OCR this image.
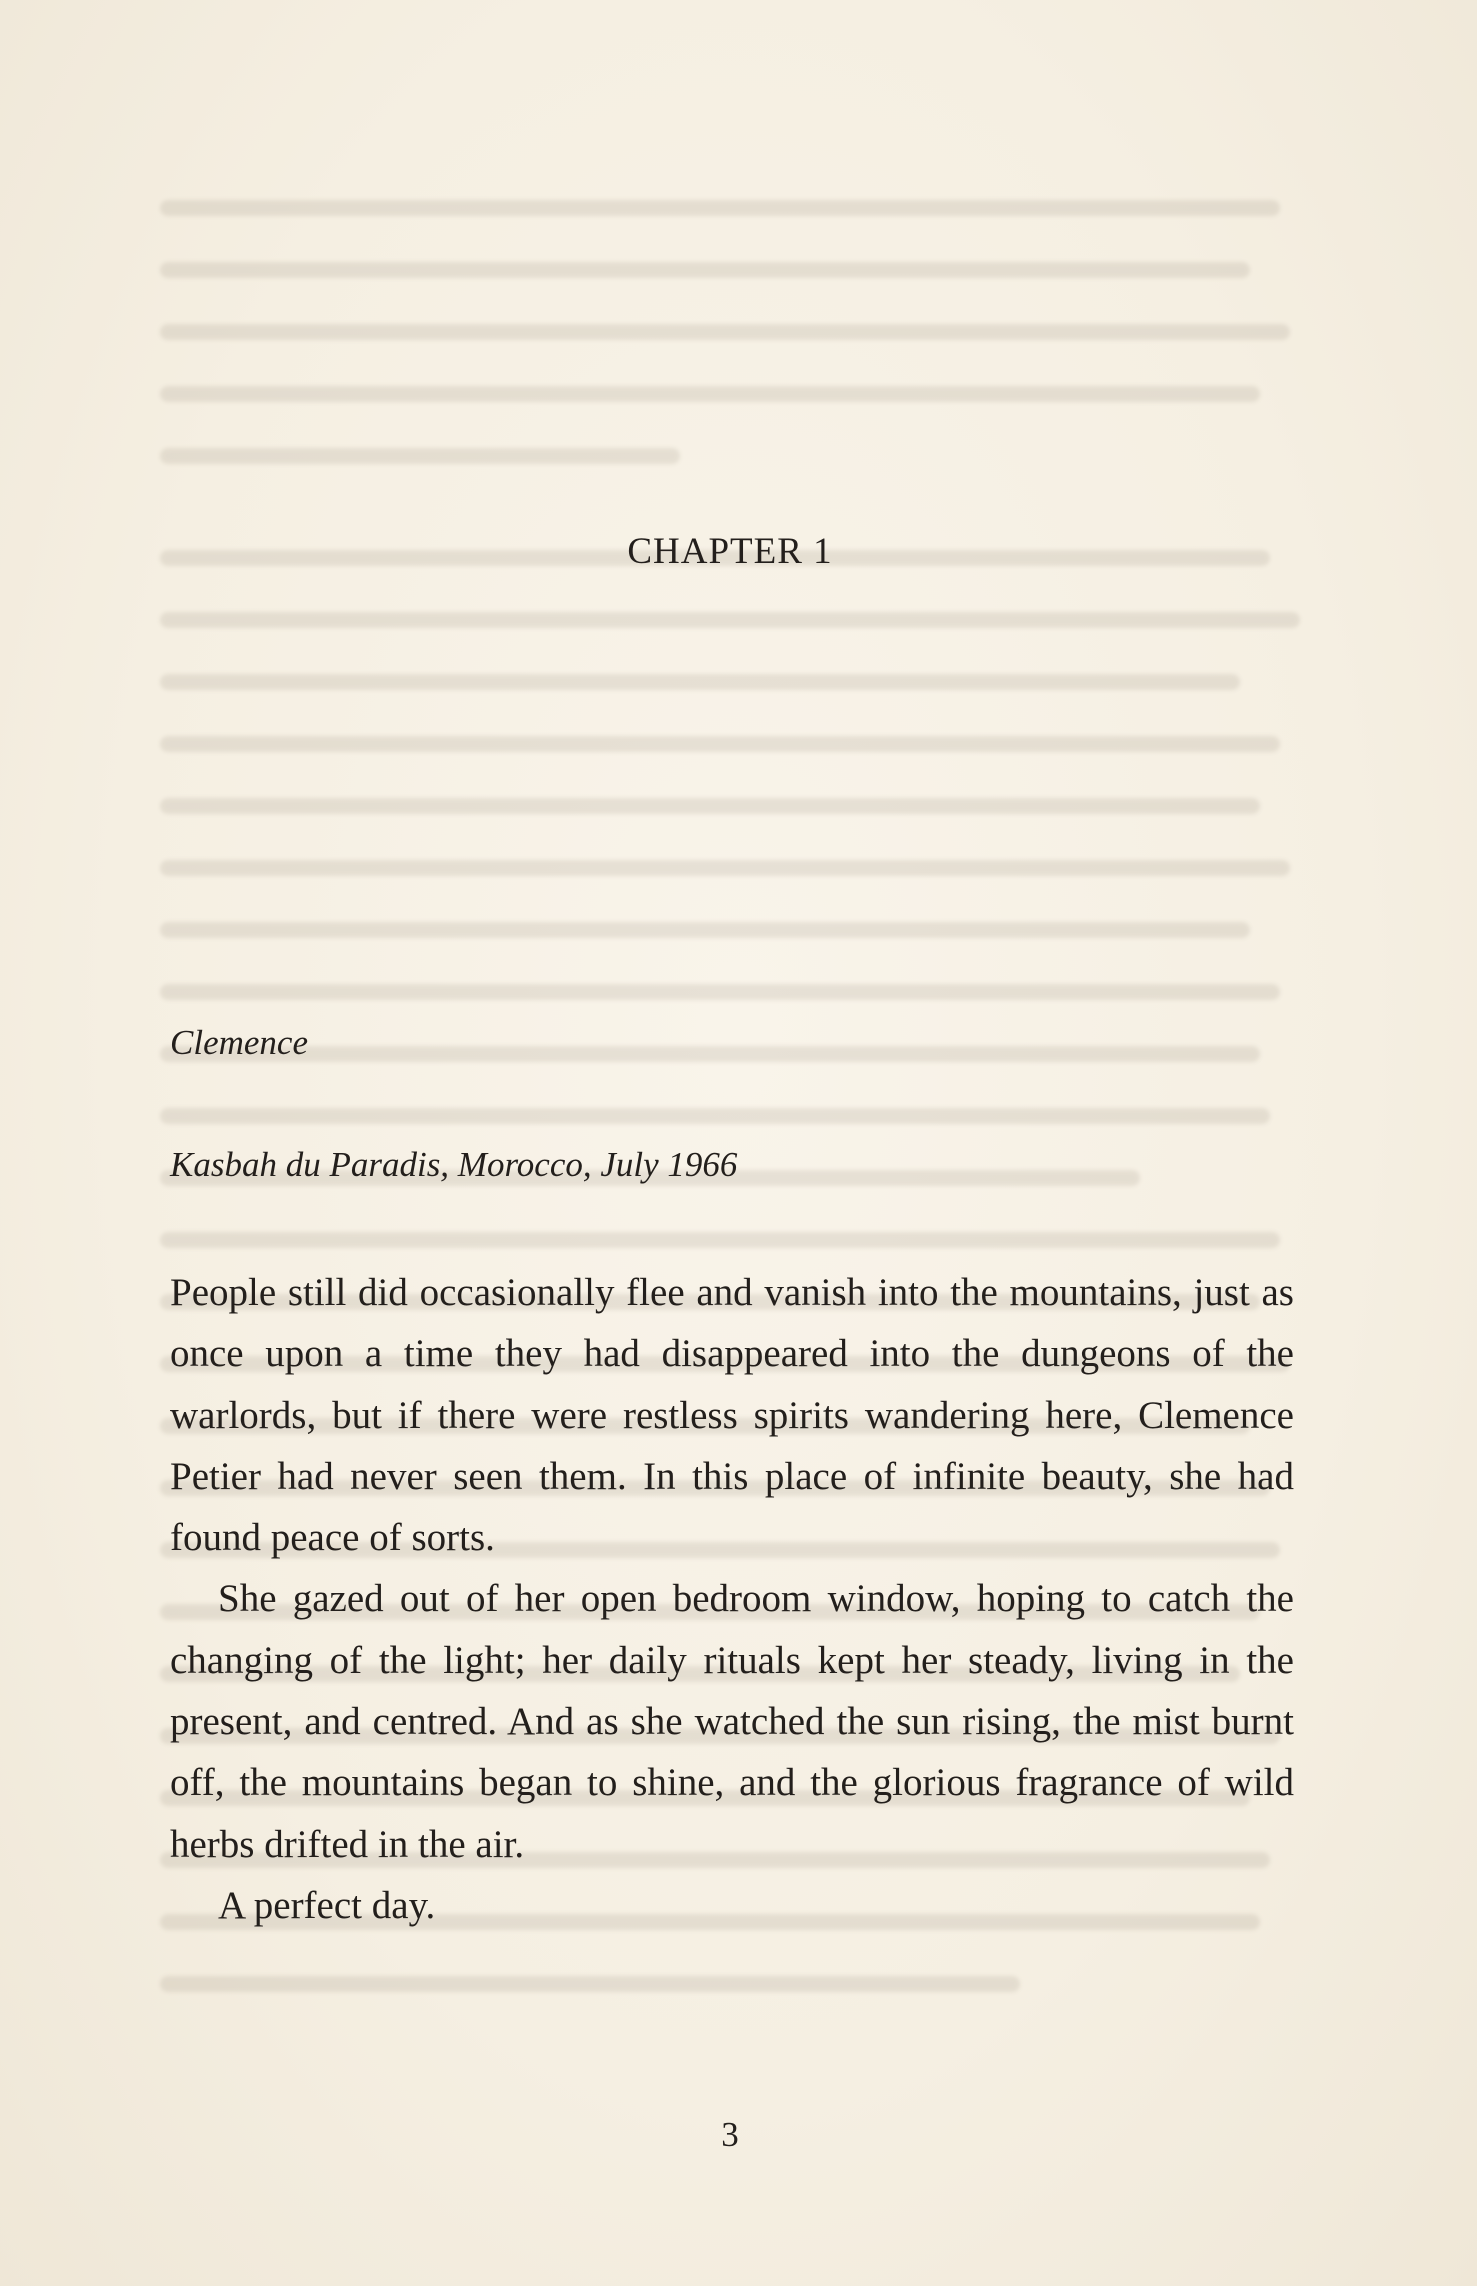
CHAPTER 1
Clemence
Kasbah du Paradis, Morocco, July 1966

People still did occasionally flee and vanish into the mountains, just as once upon a time they had disappeared into the dungeons of the warlords, but if there were restless spirits wandering here, Clemence Petier had never seen them. In this place of infinite beauty, she had found peace of sorts.

She gazed out of her open bedroom window, hoping to catch the changing of the light; her daily rituals kept her steady, living in the present, and centred. And as she watched the sun rising, the mist burnt off, the mountains began to shine, and the glorious fragrance of wild herbs drifted in the air.

A perfect day.

3
